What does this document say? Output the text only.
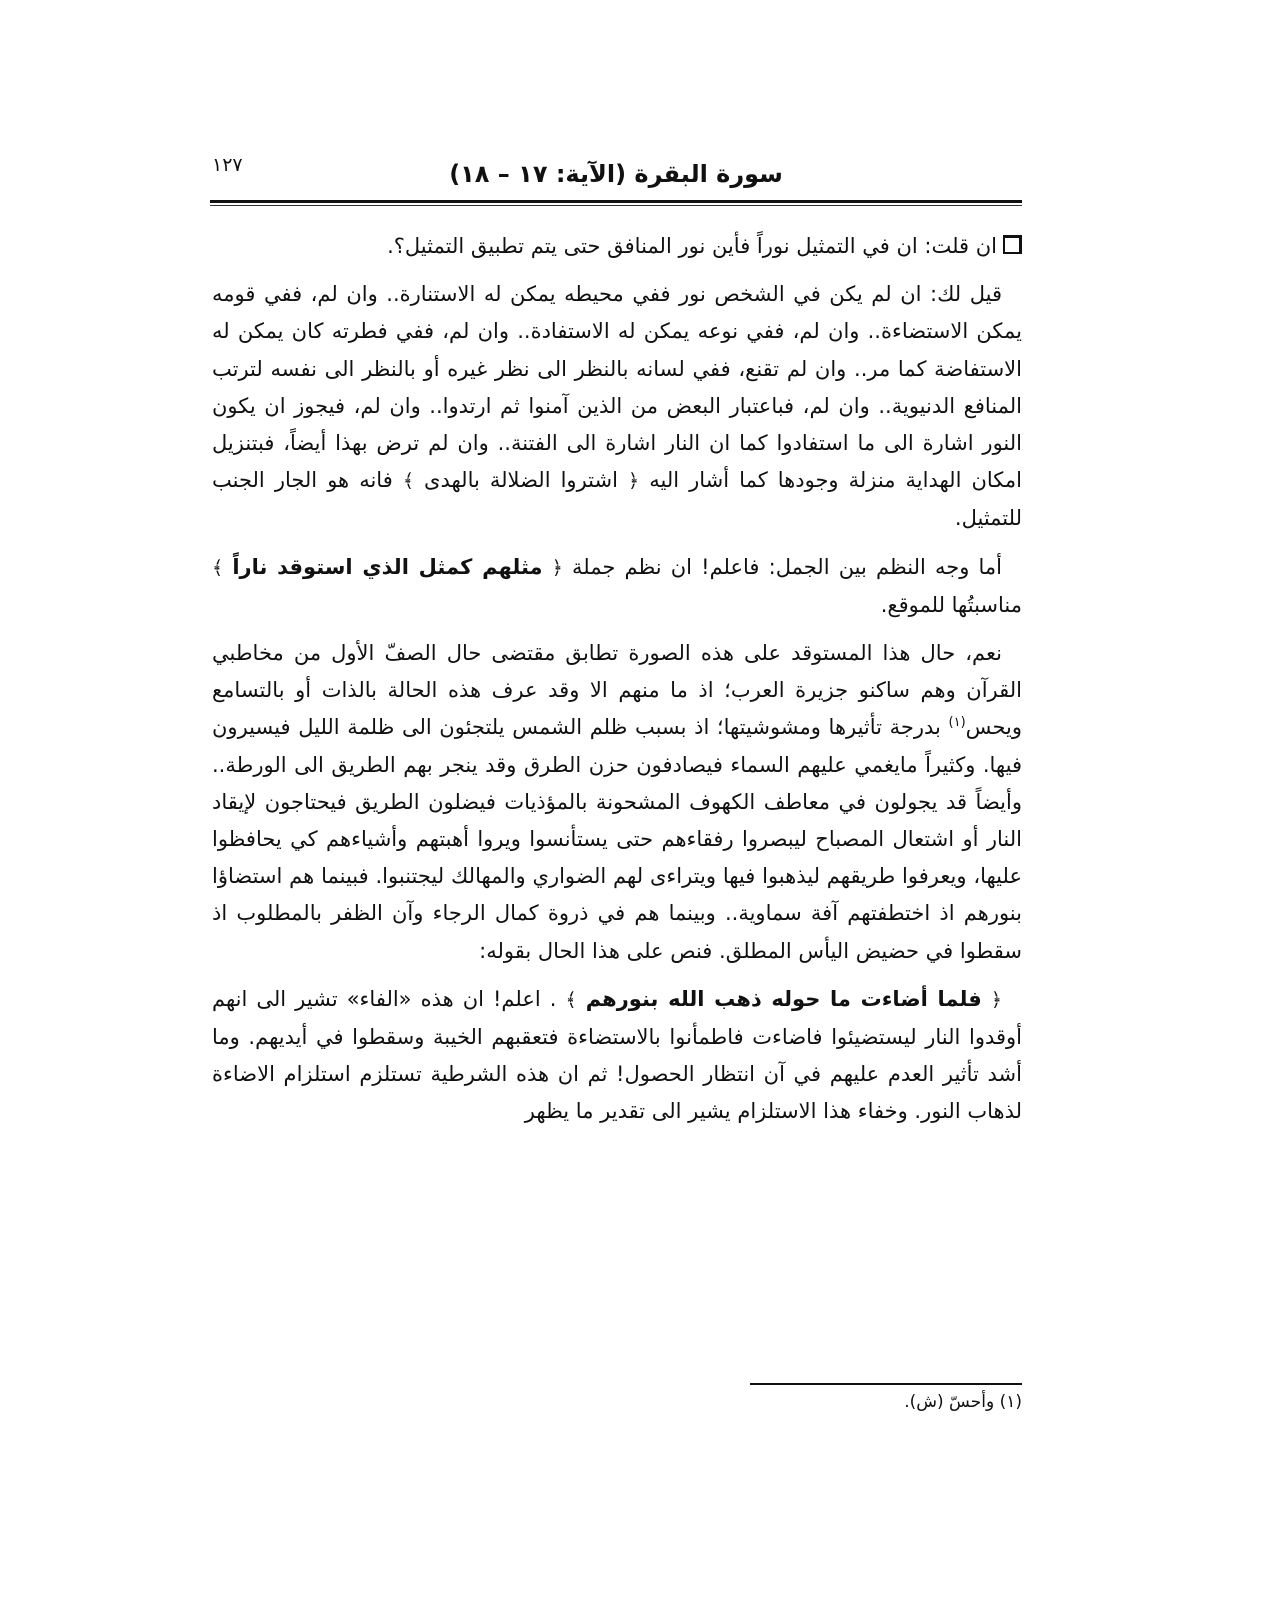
١٢٧	سورة البقرة (الآية: ١٧ – ١٨)

ان قلت: ان في التمثيل نوراً فأين نور المنافق حتى يتم تطبيق التمثيل؟.

قيل لك: ان لم يكن في الشخص نور ففي محيطه يمكن له الاستنارة.. وان لم، ففي قومه يمكن الاستضاءة.. وان لم، ففي نوعه يمكن له الاستفادة.. وان لم، ففي فطرته كان يمكن له الاستفاضة كما مر.. وان لم تقنع، ففي لسانه بالنظر الى نظر غيره أو بالنظر الى نفسه لترتب المنافع الدنيوية.. وان لم، فباعتبار البعض من الذين آمنوا ثم ارتدوا.. وان لم، فيجوز ان يكون النور اشارة الى ما استفادوا كما ان النار اشارة الى الفتنة.. وان لم ترض بهذا أيضاً، فبتنزيل امكان الهداية منزلة وجودها كما أشار اليه ﴿ اشتروا الضلالة بالهدى ﴾ فانه هو الجار الجنب للتمثيل.

أما وجه النظم بين الجمل: فاعلم! ان نظم جملة ﴿ مثلهم كمثل الذي استوقد ناراً ﴾ مناسبتُها للموقع.

نعم، حال هذا المستوقد على هذه الصورة تطابق مقتضى حال الصفّ الأول من مخاطبي القرآن وهم ساكنو جزيرة العرب؛ اذ ما منهم الا وقد عرف هذه الحالة بالذات أو بالتسامع ويحس$^{(١)}$ بدرجة تأثيرها ومشوشيتها؛ اذ بسبب ظلم الشمس يلتجئون الى ظلمة الليل فيسيرون فيها. وكثيراً مايغمي عليهم السماء فيصادفون حزن الطرق وقد ينجر بهم الطريق الى الورطة.. وأيضاً قد يجولون في معاطف الكهوف المشحونة بالمؤذيات فيضلون الطريق فيحتاجون لإيقاد النار أو اشتعال المصباح ليبصروا رفقاءهم حتى يستأنسوا ويروا أهبتهم وأشياءهم كي يحافظوا عليها، ويعرفوا طريقهم ليذهبوا فيها ويتراءى لهم الضواري والمهالك ليجتنبوا. فبينما هم استضاؤا بنورهم اذ اختطفتهم آفة سماوية.. وبينما هم في ذروة كمال الرجاء وآن الظفر بالمطلوب اذ سقطوا في حضيض اليأس المطلق. فنص على هذا الحال بقوله:

﴿ فلما أضاءت ما حوله ذهب الله بنورهم ﴾ . اعلم! ان هذه «الفاء» تشير الى انهم أوقدوا النار ليستضيئوا فاضاءت فاطمأنوا بالاستضاءة فتعقبهم الخيبة وسقطوا في أيديهم. وما أشد تأثير العدم عليهم في آن انتظار الحصول! ثم ان هذه الشرطية تستلزم استلزام الاضاءة لذهاب النور. وخفاء هذا الاستلزام يشير الى تقدير ما يظهر

(١) وأحسّ (ش).
